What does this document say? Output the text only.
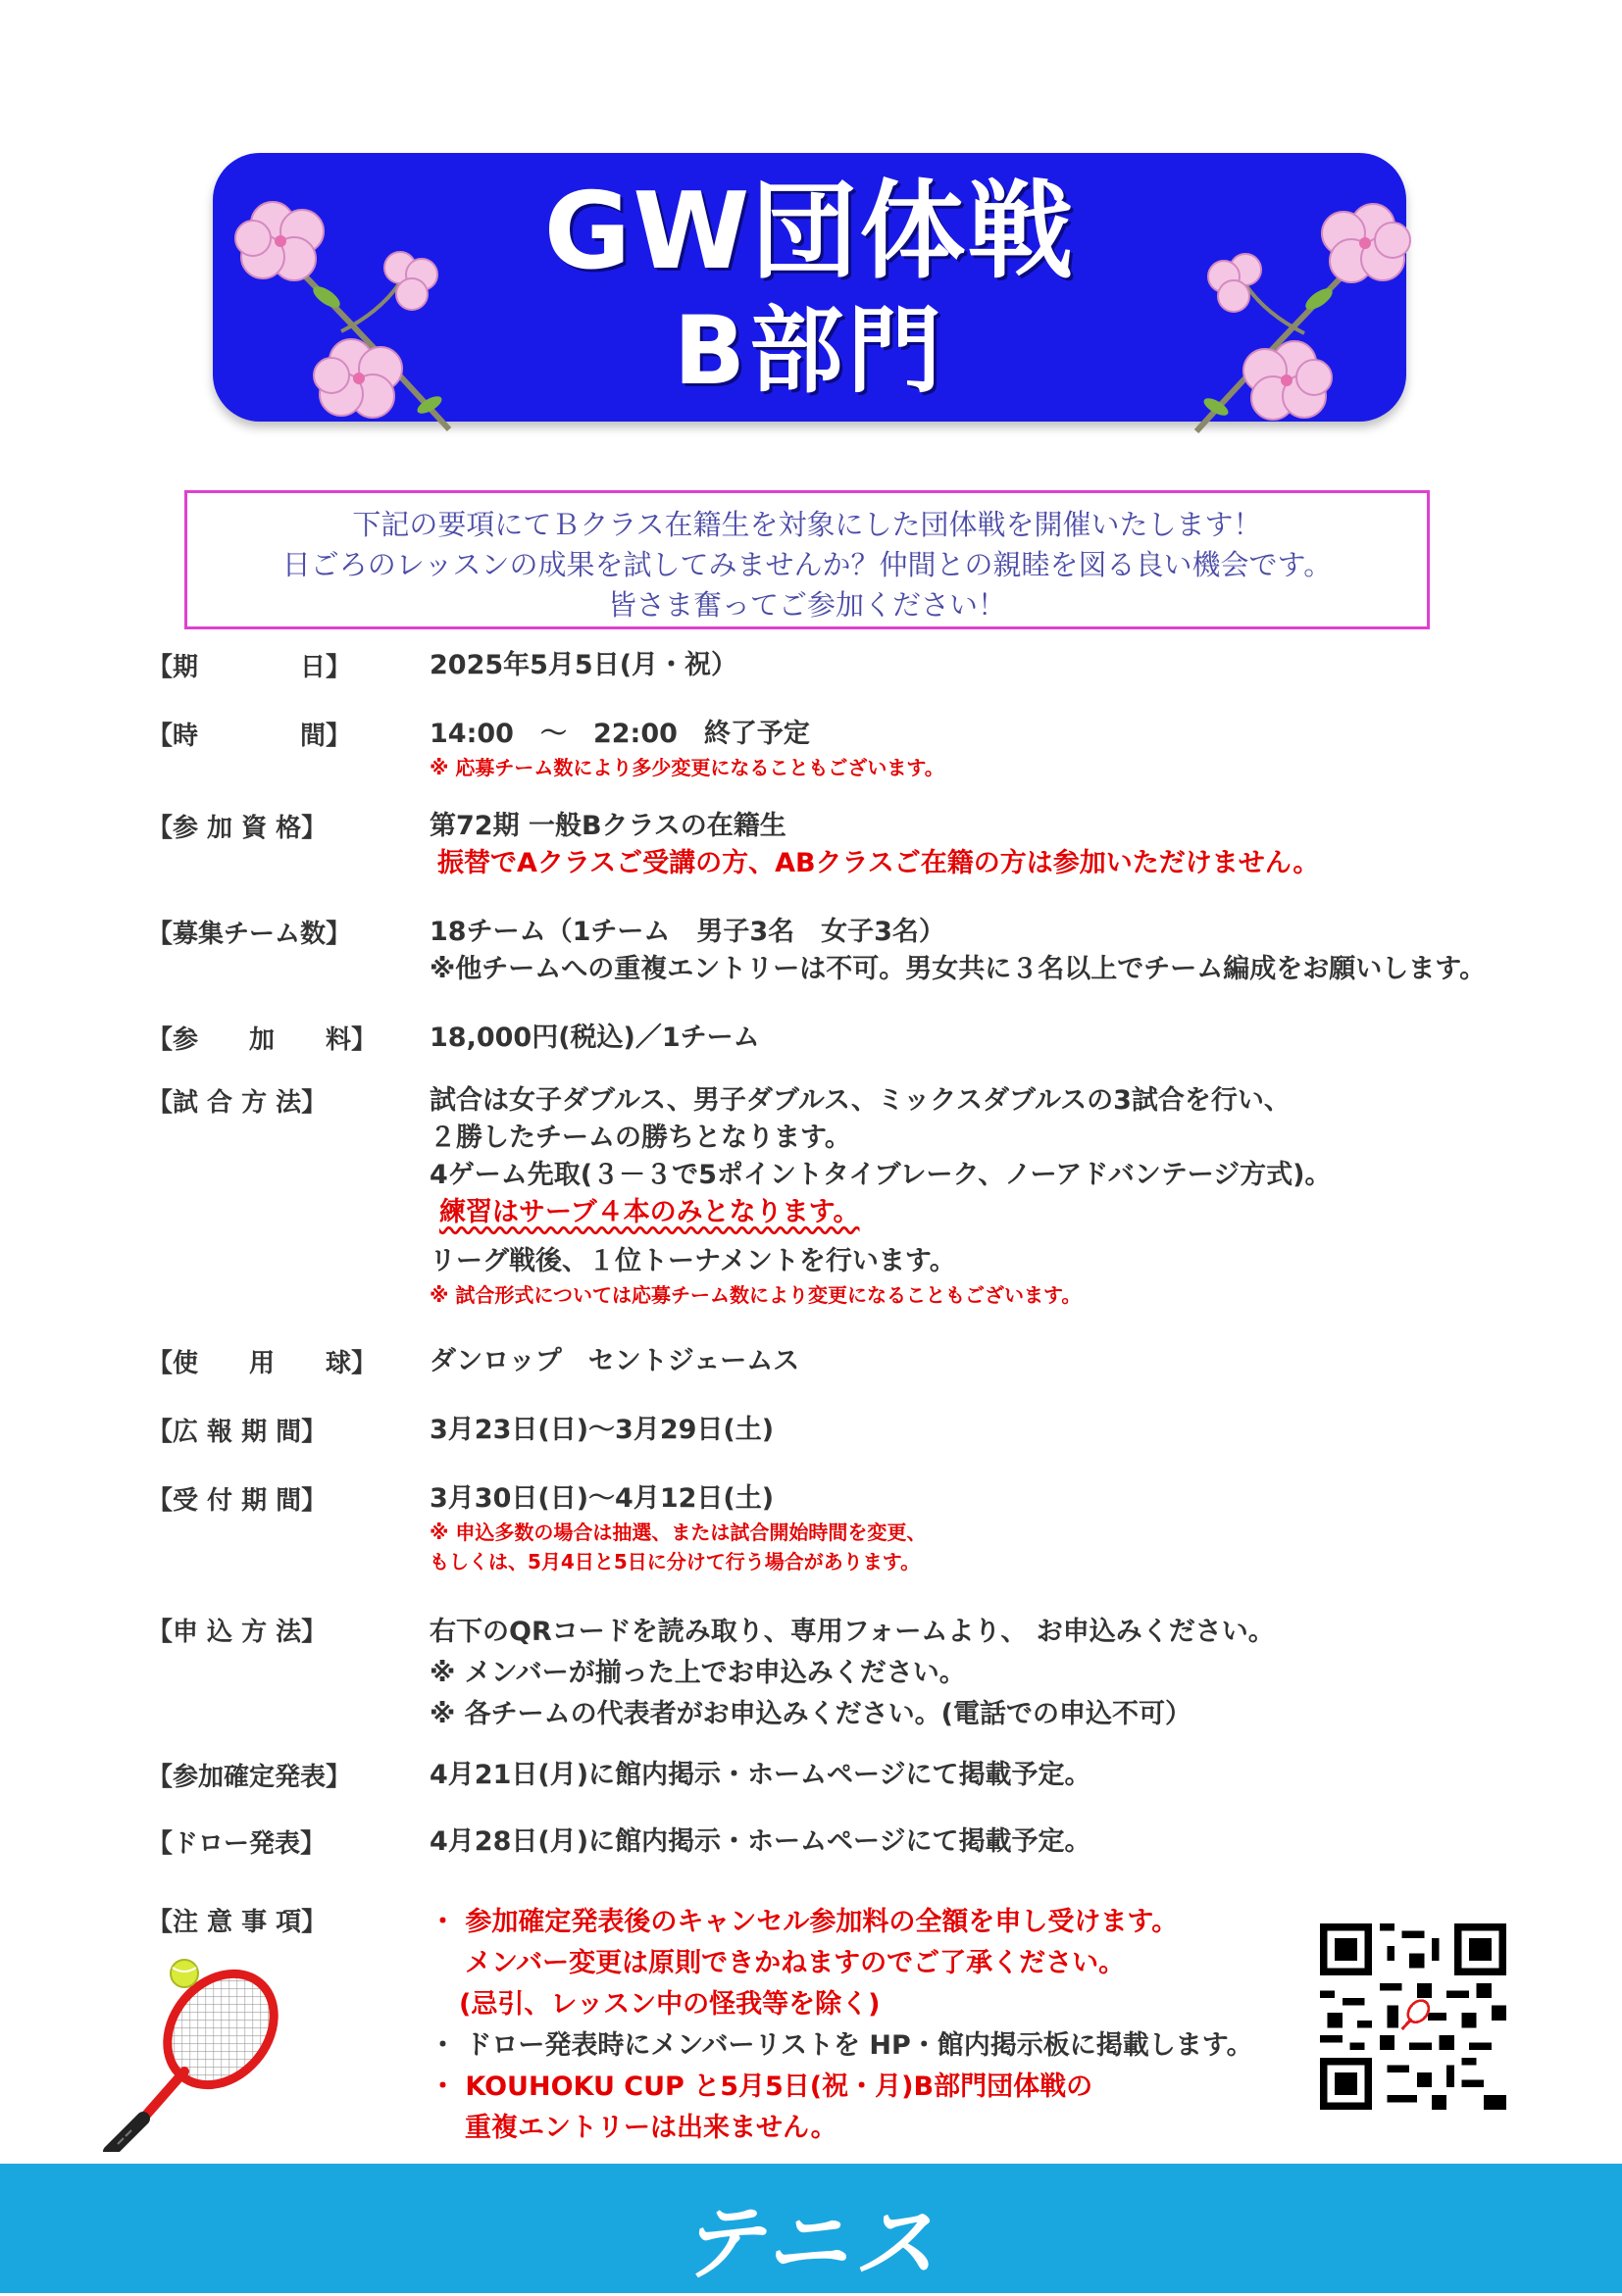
GW団体戦
B部門
下記の要項にてＢクラス在籍生を対象にした団体戦を開催いたします！
日ごろのレッスンの成果を試してみませんか？仲間との親睦を図る良い機会です。
皆さま奮ってご参加ください！
【期　　　　日】	2025年5月5日(月・祝）
【時　　　　間】	14:00　～　22:00　終了予定
※ 応募チーム数により多少変更になることもございます。
【参 加 資 格】	第72期 一般Bクラスの在籍生
振替でAクラスご受講の方、ABクラスご在籍の方は参加いただけません。
【募集チーム数】	18チーム（1チーム　男子3名　女子3名）
※他チームへの重複エントリーは不可。男女共に３名以上でチーム編成をお願いします。
【参　　加　　料】 18,000円(税込)／1チーム
【試 合 方 法】	試合は女子ダブルス、男子ダブルス、ミックスダブルスの3試合を行い、
２勝したチームの勝ちとなります。
4ゲーム先取(３－３で5ポイントタイブレーク、ノーアドバンテージ方式)。
練習はサーブ４本のみとなります。
リーグ戦後、１位トーナメントを行います。
※ 試合形式については応募チーム数により変更になることもございます。
【使　　用　　球】 ダンロップ　セントジェームス
【広 報 期 間】	3月23日(日)～3月29日(土)
【受 付 期 間】	3月30日(日)～4月12日(土)
※ 申込多数の場合は抽選、または試合開始時間を変更、
もしくは、5月4日と5日に分けて行う場合があります。
【申 込 方 法】	右下のQRコードを読み取り、専用フォームより、 お申込みください。
※ メンバーが揃った上でお申込みください。
※ 各チームの代表者がお申込みください。(電話での申込不可）
【参加確定発表】	4月21日(月)に館内掲示・ホームページにて掲載予定。
【ドロー発表】	4月28日(月)に館内掲示・ホームページにて掲載予定。
【注 意 事 項】	・ 参加確定発表後のキャンセル参加料の全額を申し受けます。
メンバー変更は原則できかねますのでご了承ください。
(忌引、レッスン中の怪我等を除く)
・ ドロー発表時にメンバーリストを HP・館内掲示板に掲載します。
・ KOUHOKU CUP と5月5日(祝・月)B部門団体戦の
重複エントリーは出来ません。
テニス
